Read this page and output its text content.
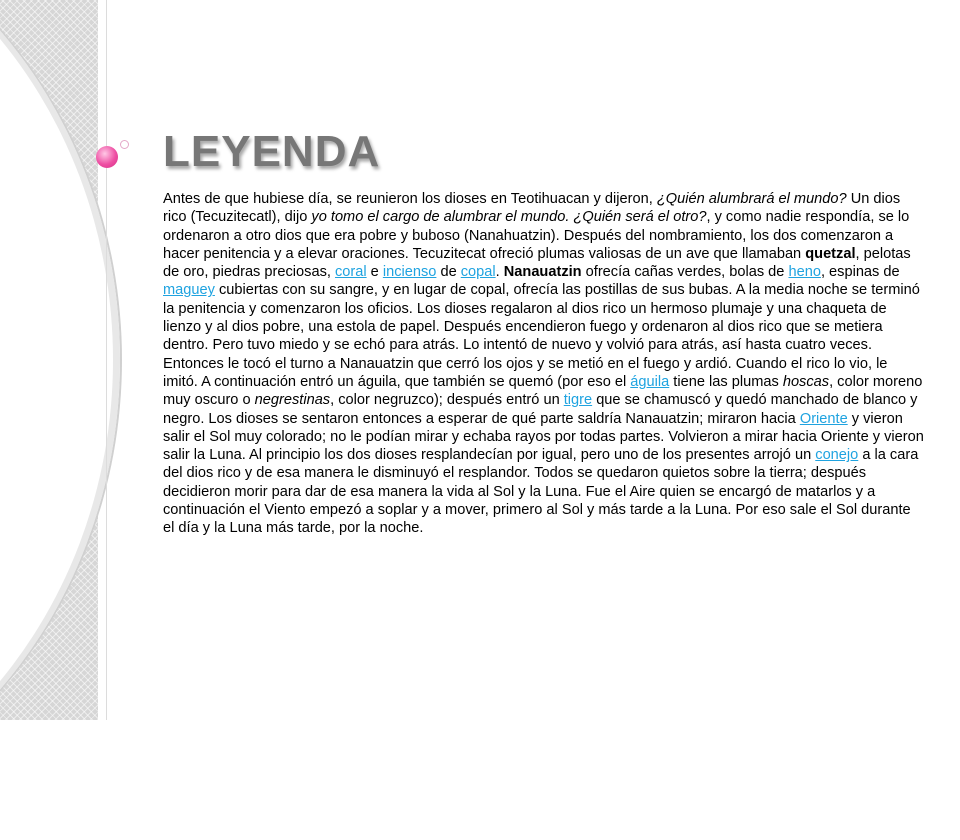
LEYENDA

Antes de que hubiese día, se reunieron los dioses en Teotihuacan y dijeron, ¿Quién alumbrará el mundo? Un dios rico (Tecuzitecatl), dijo yo tomo el cargo de alumbrar el mundo. ¿Quién será el otro?, y como nadie respondía, se lo ordenaron a otro dios que era pobre y buboso (Nanahuatzin). Después del nombramiento, los dos comenzaron a hacer penitencia y a elevar oraciones. Tecuzitecat ofreció plumas valiosas de un ave que llamaban quetzal, pelotas de oro, piedras preciosas, coral e incienso de copal. Nanauatzin ofrecía cañas verdes, bolas de heno, espinas de maguey cubiertas con su sangre, y en lugar de copal, ofrecía las postillas de sus bubas. A la media noche se terminó la penitencia y comenzaron los oficios. Los dioses regalaron al dios rico un hermoso plumaje y una chaqueta de lienzo y al dios pobre, una estola de papel. Después encendieron fuego y ordenaron al dios rico que se metiera dentro. Pero tuvo miedo y se echó para atrás. Lo intentó de nuevo y volvió para atrás, así hasta cuatro veces. Entonces le tocó el turno a Nanauatzin que cerró los ojos y se metió en el fuego y ardió. Cuando el rico lo vio, le imitó. A continuación entró un águila, que también se quemó (por eso el águila tiene las plumas hoscas, color moreno muy oscuro o negrestinas, color negruzco); después entró un tigre que se chamuscó y quedó manchado de blanco y negro. Los dioses se sentaron entonces a esperar de qué parte saldría Nanauatzin; miraron hacia Oriente y vieron salir el Sol muy colorado; no le podían mirar y echaba rayos por todas partes. Volvieron a mirar hacia Oriente y vieron salir la Luna. Al principio los dos dioses resplandecían por igual, pero uno de los presentes arrojó un conejo a la cara del dios rico y de esa manera le disminuyó el resplandor. Todos se quedaron quietos sobre la tierra; después decidieron morir para dar de esa manera la vida al Sol y la Luna. Fue el Aire quien se encargó de matarlos y a continuación el Viento empezó a soplar y a mover, primero al Sol y más tarde a la Luna. Por eso sale el Sol durante el día y la Luna más tarde, por la noche.
